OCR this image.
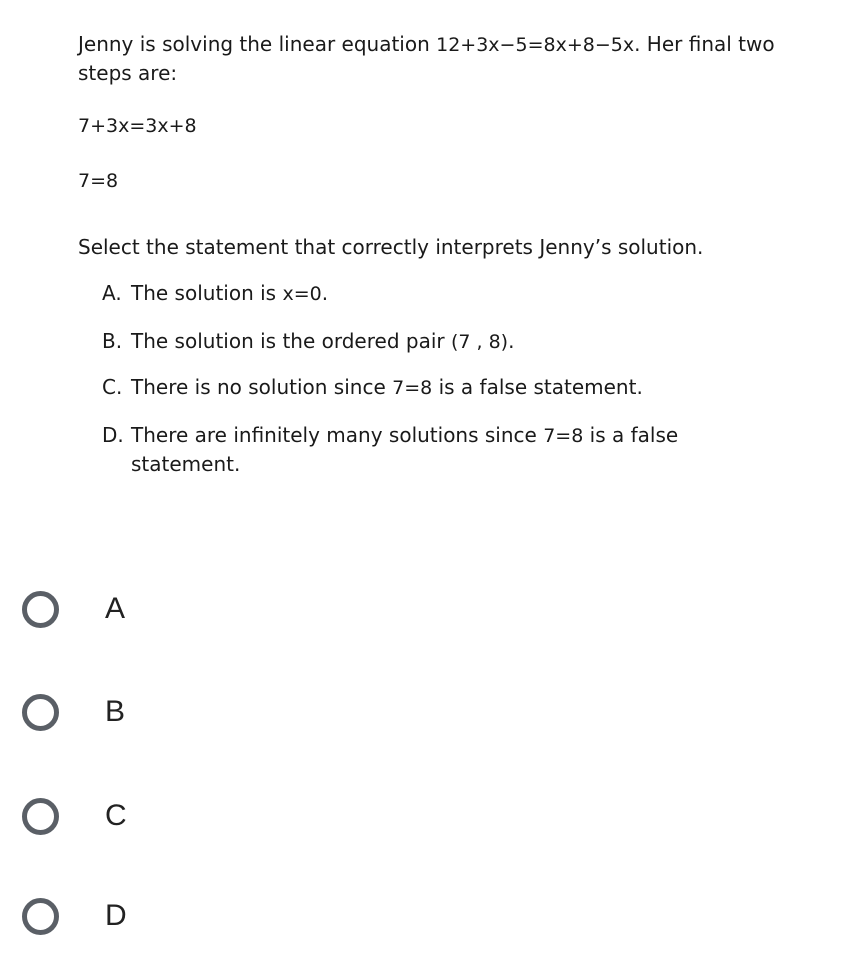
Jenny is solving the linear equation 12+3x−5=8x+8−5x. Her final two
steps are:
7+3x=3x+8
7=8
Select the statement that correctly interprets Jenny’s solution.
A. The solution is x=0.
B. The solution is the ordered pair (7 , 8).
C. There is no solution since 7=8 is a false statement.
D. There are infinitely many solutions since 7=8 is a false
statement.
A
B
C
D
